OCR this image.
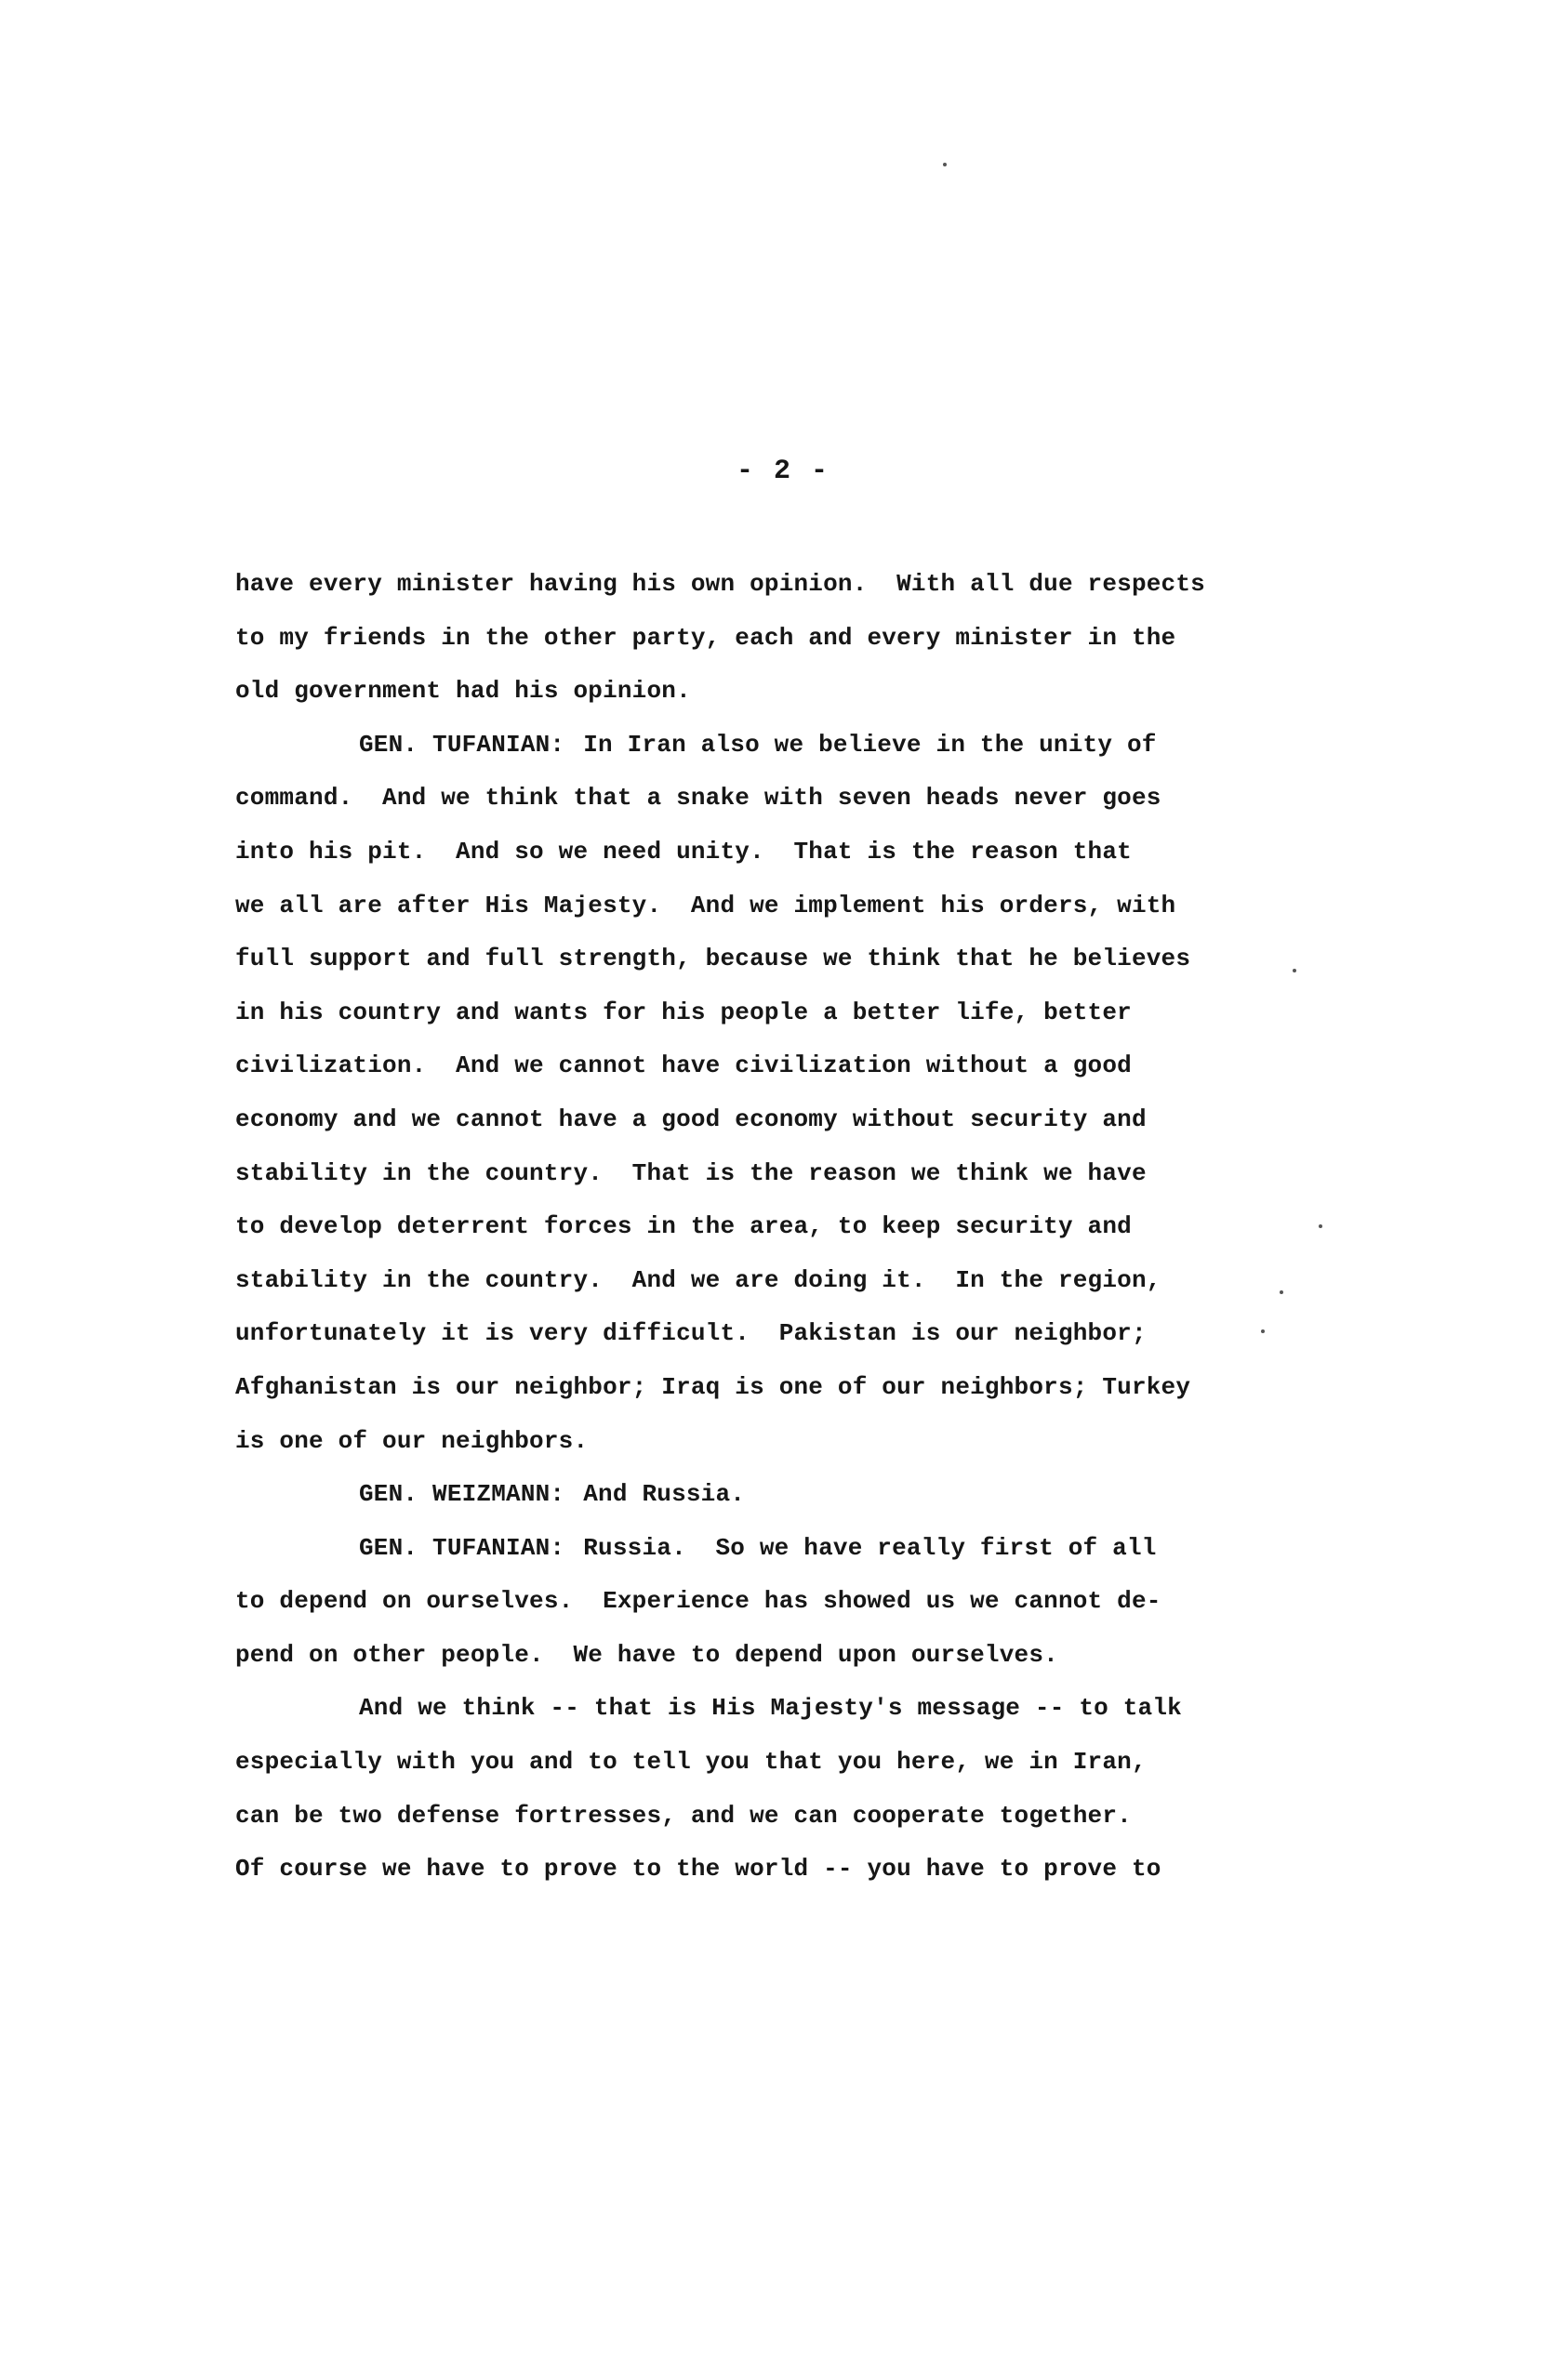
- 2 -
have every minister having his own opinion.  With all due respects
to my friends in the other party, each and every minister in the
old government had his opinion.
GEN. TUFANIAN: In Iran also we believe in the unity of
command.  And we think that a snake with seven heads never goes
into his pit.  And so we need unity.  That is the reason that
we all are after His Majesty.  And we implement his orders, with
full support and full strength, because we think that he believes
in his country and wants for his people a better life, better
civilization.  And we cannot have civilization without a good
economy and we cannot have a good economy without security and
stability in the country.  That is the reason we think we have
to develop deterrent forces in the area, to keep security and
stability in the country.  And we are doing it.  In the region,
unfortunately it is very difficult.  Pakistan is our neighbor;
Afghanistan is our neighbor; Iraq is one of our neighbors; Turkey
is one of our neighbors.
GEN. WEIZMANN: And Russia.
GEN. TUFANIAN: Russia.  So we have really first of all
to depend on ourselves.  Experience has showed us we cannot de-
pend on other people.  We have to depend upon ourselves.
And we think -- that is His Majesty's message -- to talk
especially with you and to tell you that you here, we in Iran,
can be two defense fortresses, and we can cooperate together.
Of course we have to prove to the world -- you have to prove to
